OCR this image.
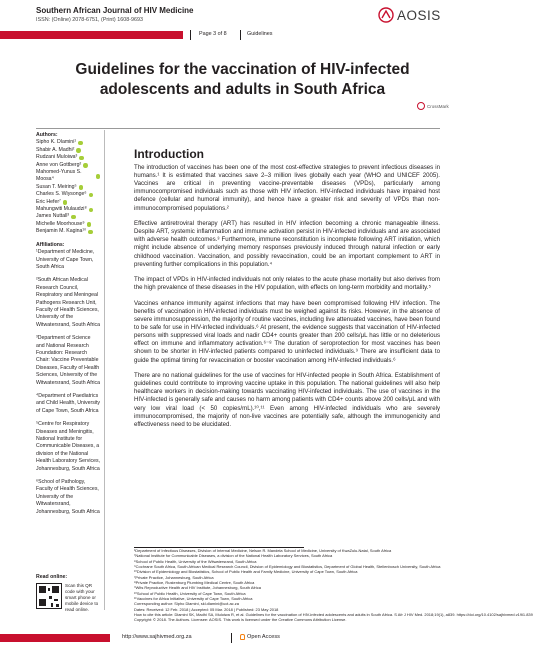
Southern African Journal of HIV Medicine
ISSN: (Online) 2078-6751, (Print) 1608-9693	AOSIS
Page 3 of 8	Guidelines
Guidelines for the vaccination of HIV-infected adolescents and adults in South Africa
CrossMark
Authors:
Sipho K. Dlamini¹
Shabir A. Madhi²
Rudzani Muloiwa³
Anne von Gottberg²
Mahomed-Yunus S. Moosa⁴
Susan T. Meiring⁵
Charles S. Wiysonge⁶
Eric Hefer⁷
Mahungwiti Mulaudzi⁸
James Nuttall³
Michelle Moorhouse⁹
Benjamin M. Kagina¹⁰
Affiliations:
¹Department of Medicine, University of Cape Town, South Africa
²South African Medical Research Council, Respiratory and Meningeal Pathogens Research Unit, Faculty of Health Sciences, University of the Witwatersrand, South Africa
³Department of Science and National Research Foundation: Research Chair: Vaccine Preventable Diseases, Faculty of Health Sciences, University of the Witwatersrand, South Africa
⁴Department of Paediatrics and Child Health, University of Cape Town, South Africa
⁵Centre for Respiratory Diseases and Meningitis, National Institute for Communicable Diseases, a division of the National Health Laboratory Services, Johannesburg, South Africa
⁶School of Pathology, Faculty of Health Sciences, University of the Witwatersrand, Johannesburg, South Africa
Read online:
Scan this QR code with your smart phone or mobile device to read online.
Introduction

The introduction of vaccines has been one of the most cost-effective strategies to prevent infectious diseases in humans.¹ It is estimated that vaccines save 2–3 million lives globally each year (WHO and UNICEF 2005). Vaccines are critical in preventing vaccine-preventable diseases (VPDs), particularly among immunocompromised individuals such as those with HIV infection. HIV-infected individuals have impaired host defence (cellular and humoral immunity), and hence have a greater risk and severity of VPDs than non-immunocompromised populations.²

Effective antiretroviral therapy (ART) has resulted in HIV infection becoming a chronic manageable illness. Despite ART, systemic inflammation and immune activation persist in HIV-infected individuals and are associated with adverse health outcomes.³ Furthermore, immune reconstitution is incomplete following ART initiation, which might include absence of underlying memory responses previously induced through natural infection or early childhood vaccination. Vaccination, and possibly revaccination, could be an important complement to ART in preventing further complications in this population.⁴

The impact of VPDs in HIV-infected individuals not only relates to the acute phase mortality but also derives from the high prevalence of these diseases in the HIV population, with effects on long-term morbidity and mortality.⁵

Vaccines enhance immunity against infections that may have been compromised following HIV infection. The benefits of vaccination in HIV-infected individuals must be weighed against its risks. However, in the absence of severe immunosuppression, the majority of routine vaccines, including live attenuated vaccines, have been found to be safe for use in HIV-infected individuals.⁶ At present, the evidence suggests that vaccination of HIV-infected persons with suppressed viral loads and nadir CD4+ counts greater than 200 cells/μL has little or no deleterious effect on immune and inflammatory activation.⁶⁻⁸ The duration of seroprotection for most vaccines has been shown to be shorter in HIV-infected patients compared to uninfected individuals.⁹ There are insufficient data to guide the optimal timing for revaccination or booster vaccination among HIV-infected individuals.⁶

There are no national guidelines for the use of vaccines for HIV-infected people in South Africa. Establishment of guidelines could contribute to improving vaccine uptake in this population. The national guidelines will also help healthcare workers in decision-making towards vaccinating HIV-infected individuals. The use of vaccines in the HIV-infected is generally safe and causes no harm among patients with CD4+ counts above 200 cells/μL and with very low viral load (< 50 copies/mL).¹⁰,¹¹ Even among HIV-infected individuals who are severely immunocompromised, the majority of non-live vaccines are potentially safe, although the immunogenicity and effectiveness need to be elucidated.

¹Department of Infectious Diseases, Division of Internal Medicine, Nelson R. Mandela School of Medicine, University of KwaZulu-Natal, South Africa
⁷National Institute for Communicable Diseases, a division of the National Health Laboratory Services, South Africa
⁸School of Public Health, University of the Witwatersrand, South Africa
⁹Cochrane South Africa, South African Medical Research Council, Division of Epidemiology and Biostatistics, Department of Global Health, Stellenbosch University, South Africa
¹⁰Division of Epidemiology and Biostatistics, School of Public Health and Family Medicine, University of Cape Town, South Africa
⁷Private Practice, Johannesburg, South Africa
⁸Private Practice, Rustenburg Plumbing Medical Centre, South Africa
⁹Wits Reproductive Health and HIV Institute, Johannesburg, South Africa
¹⁰School of Public Health, University of Cape Town, South Africa
¹¹Vaccines for Africa Initiative, University of Cape Town, South Africa
Corresponding author: Sipho Dlamini, skl.dlamini@uct.ac.za
Dates: Received: 12 Feb. 2018 | Accepted: 05 Mar. 2018 | Published: 23 May 2018
How to cite this article: Dlamini SK, Madhi SA, Muloiwa R, et al. Guidelines for the vaccination of HIV-infected adolescents and adults in South Africa. S Afr J HIV Med. 2018;19(1), a839. https://doi.org/10.4102/sajhivmed.v19i1.839
Copyright: © 2018. The Authors. Licensee: AOSIS. This work is licensed under the Creative Commons Attribution License.
http://www.sajhivmed.org.za	Open Access
